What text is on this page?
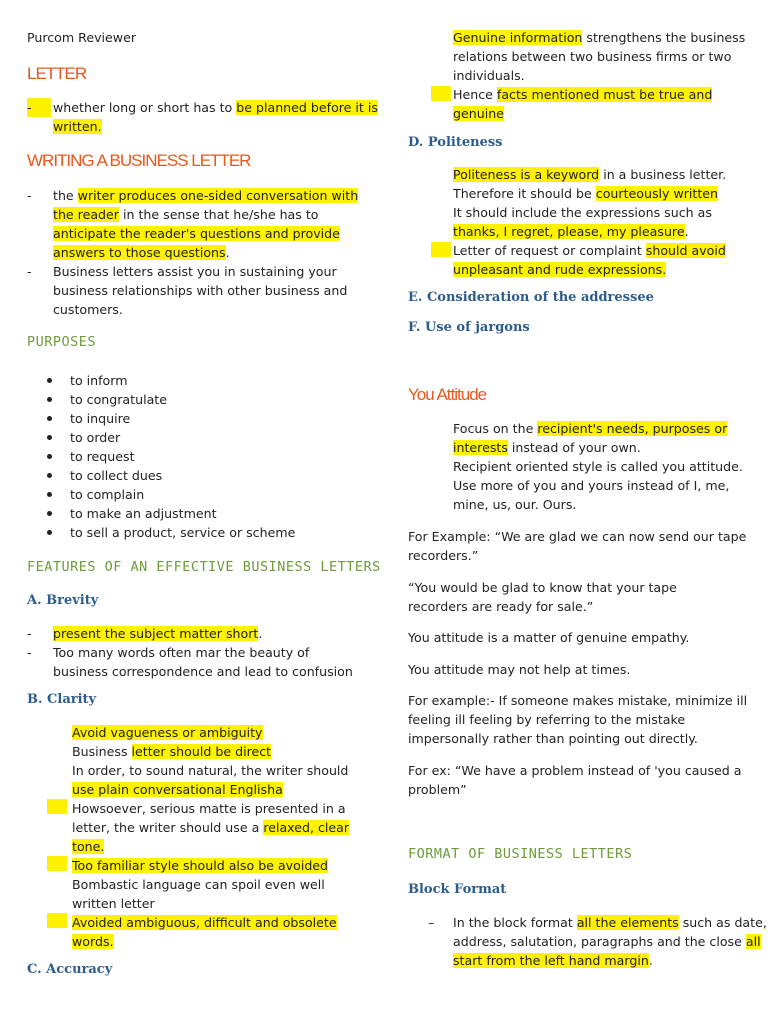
Purcom Reviewer
LETTER
-	whether long or short has to be planned before it is written.
WRITING A BUSINESS LETTER
- the writer produces one-sided conversation with the reader in the sense that he/she has to anticipate the reader's questions and provide answers to those questions.
- Business letters assist you in sustaining your business relationships with other business and customers.
PURPOSES
to inform
to congratulate
to inquire
to order
to request
to collect dues
to complain
to make an adjustment
to sell a product, service or scheme
FEATURES OF AN EFFECTIVE BUSINESS LETTERS
A. Brevity
- present the subject matter short.
- Too many words often mar the beauty of business correspondence and lead to confusion
B. Clarity
Avoid vagueness or ambiguity
Business letter should be direct
In order, to sound natural, the writer should
use plain conversational Englisha
Howsoever, serious matte is presented in a
letter, the writer should use a relaxed, clear
tone.
Too familiar style should also be avoided
Bombastic language can spoil even well
written letter
Avoided ambiguous, difficult and obsolete
words.
C. Accuracy
Genuine information strengthens the business
relations between two business firms or two
individuals.
Hence facts mentioned must be true and
genuine
D. Politeness
Politeness is a keyword in a business letter.
Therefore it should be courteously written
It should include the expressions such as
thanks, I regret, please, my pleasure.
Letter of request or complaint should avoid
unpleasant and rude expressions.
E. Consideration of the addressee
F. Use of jargons
You Attitude
Focus on the recipient's needs, purposes or
interests instead of your own.
Recipient oriented style is called you attitude.
Use more of you and yours instead of I, me,
mine, us, our. Ours.
For Example: “We are glad we can now send our tape recorders.”
“You would be glad to know that your tape recorders are ready for sale.”
You attitude is a matter of genuine empathy.
You attitude may not help at times.
For example:- If someone makes mistake, minimize ill feeling ill feeling by referring to the mistake impersonally rather than pointing out directly.
For ex: “We have a problem instead of 'you caused a problem”
FORMAT OF BUSINESS LETTERS
Block Format
– In the block format all the elements such as date, address, salutation, paragraphs and the close all start from the left hand margin.
